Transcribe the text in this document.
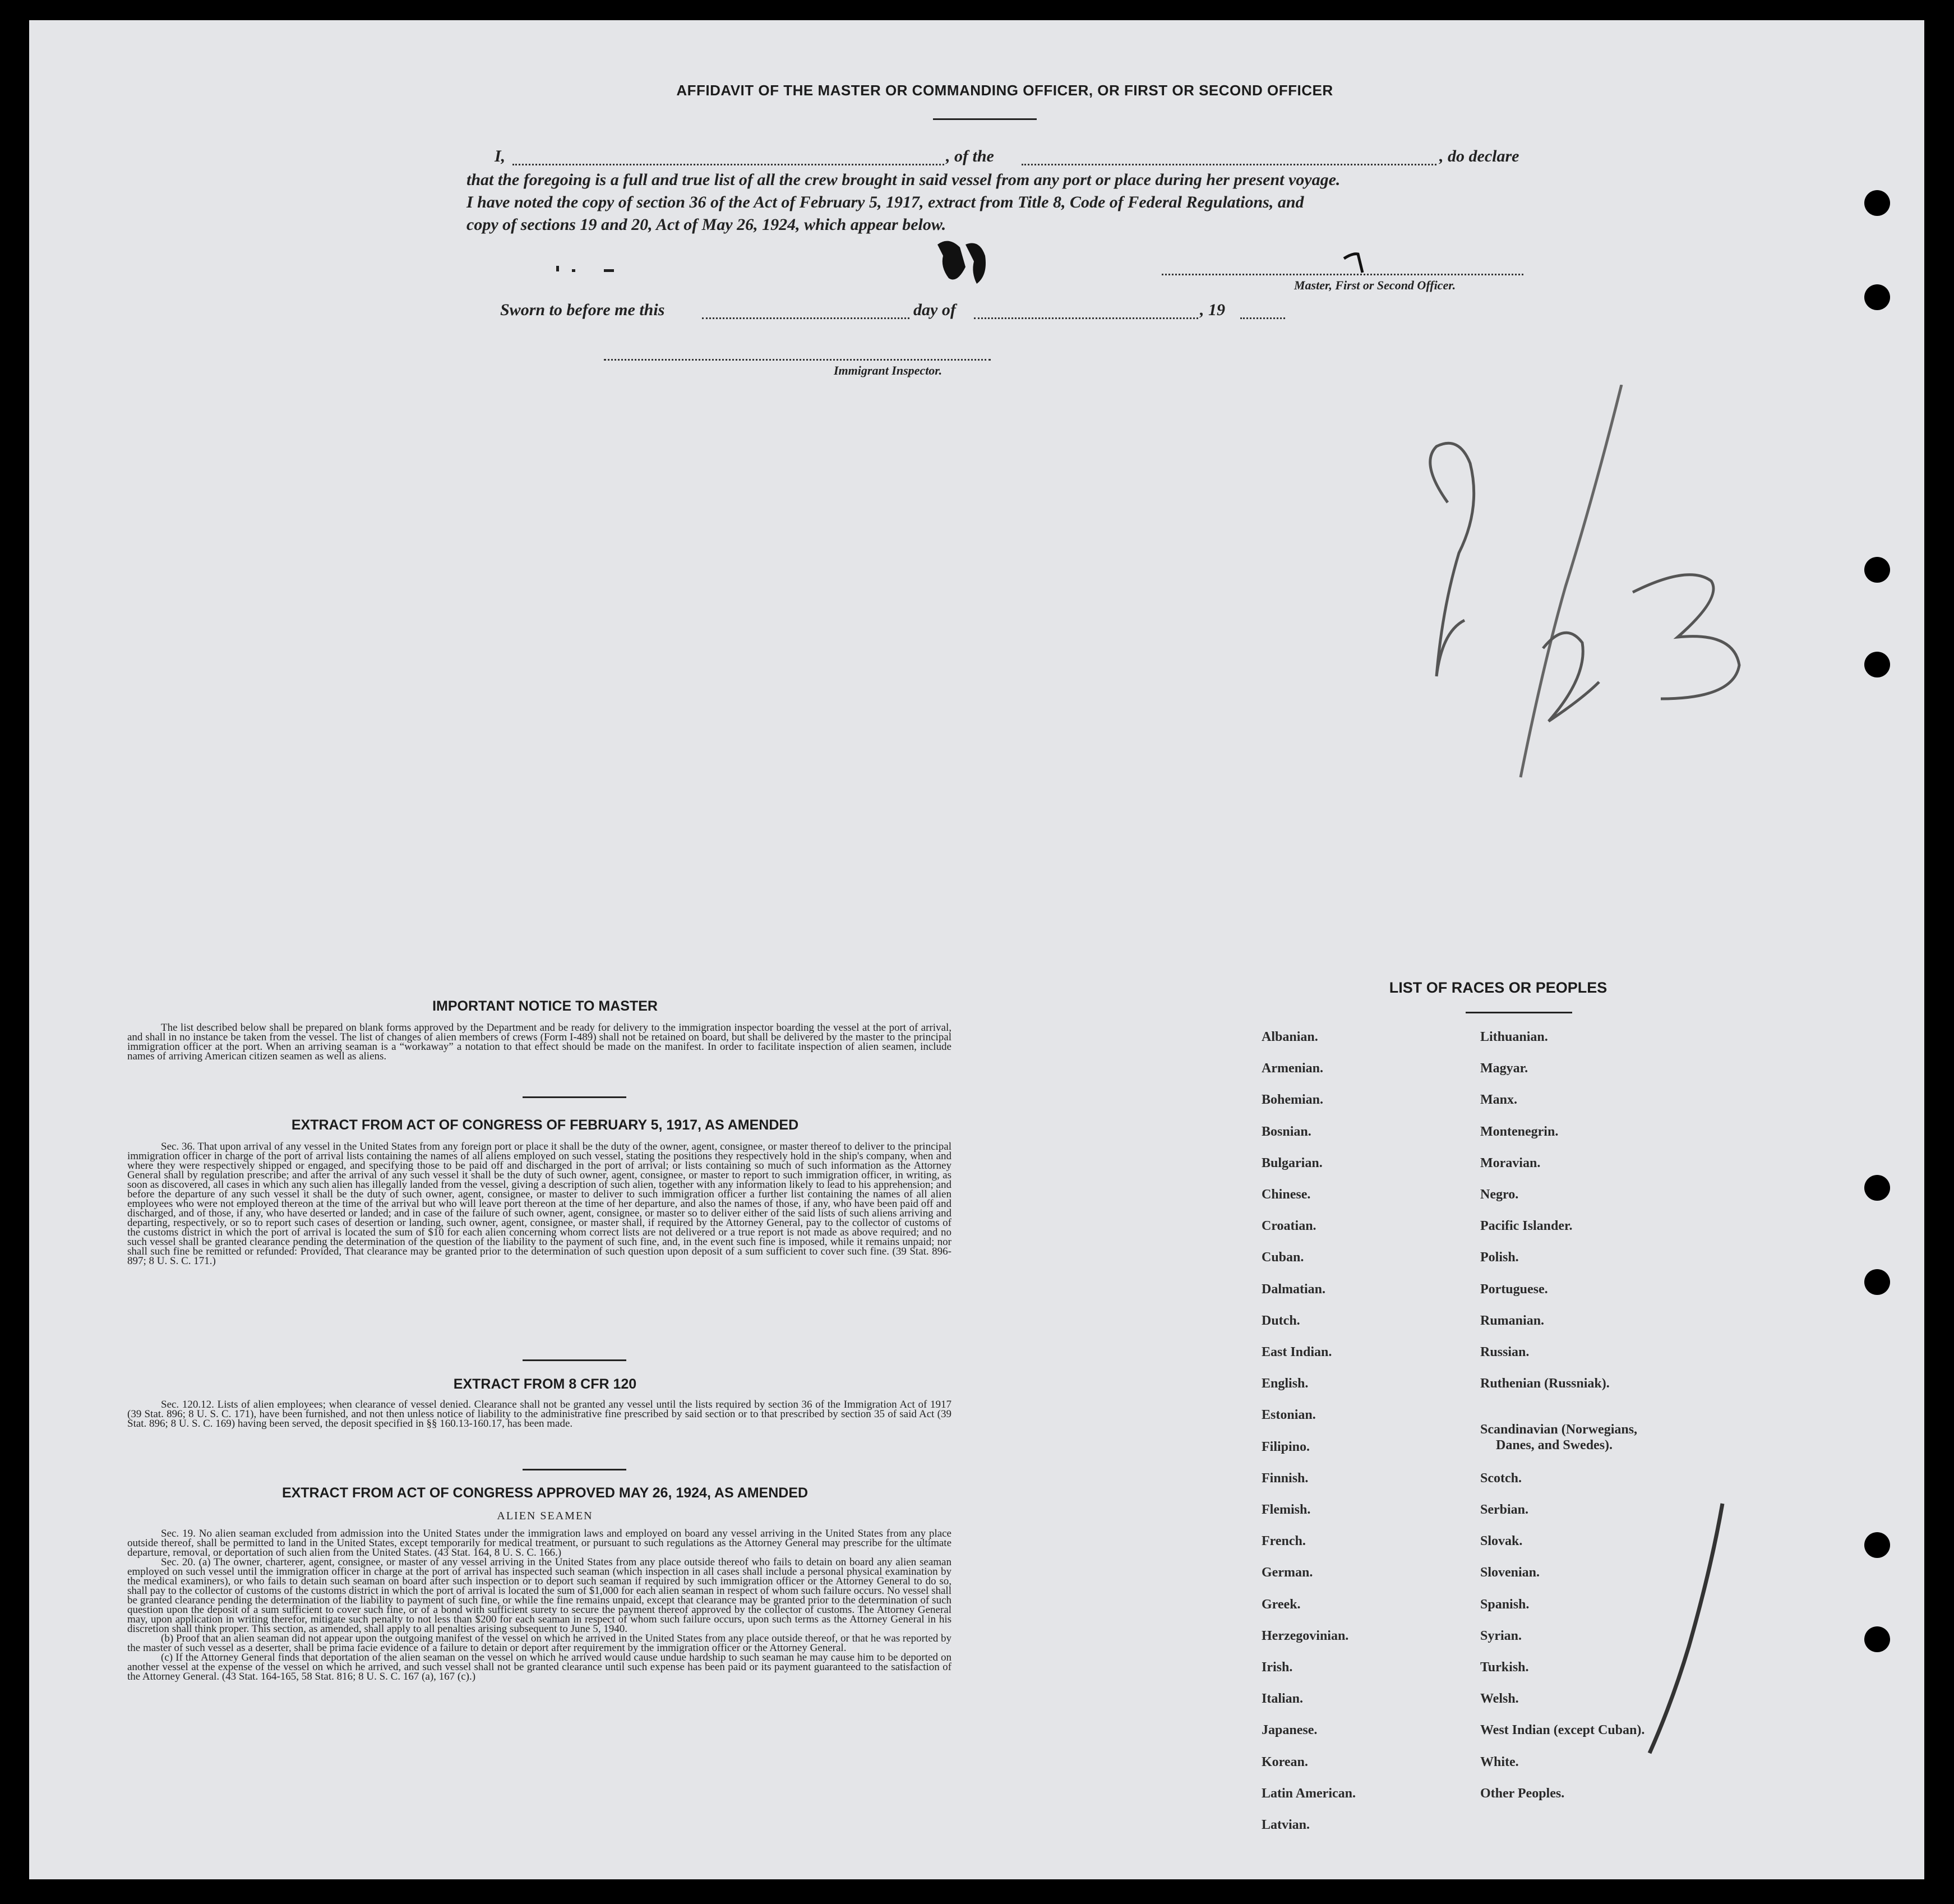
AFFIDAVIT OF THE MASTER OR COMMANDING OFFICER, OR FIRST OR SECOND OFFICER
I,	, of the	, do declare
that the foregoing is a full and true list of all the crew brought in said vessel from any port or place during her present voyage.
I have noted the copy of section 36 of the Act of February 5, 1917, extract from Title 8, Code of Federal Regulations, and
copy of sections 19 and 20, Act of May 26, 1924, which appear below.
Master, First or Second Officer.
Sworn to before me this	day of	, 19
Immigrant Inspector.
IMPORTANT NOTICE TO MASTER
The list described below shall be prepared on blank forms approved by the Department and be ready for delivery to the immigration inspector boarding the vessel at the port of arrival, and shall in no instance be taken from the vessel. The list of changes of alien members of crews (Form I-489) shall not be retained on board, but shall be delivered by the master to the principal immigration officer at the port. When an arriving seaman is a “workaway” a notation to that effect should be made on the manifest. In order to facilitate inspection of alien seamen, include names of arriving American citizen seamen as well as aliens.
EXTRACT FROM ACT OF CONGRESS OF FEBRUARY 5, 1917, AS AMENDED
Sec. 36. That upon arrival of any vessel in the United States from any foreign port or place it shall be the duty of the owner, agent, consignee, or master thereof to deliver to the principal immigration officer in charge of the port of arrival lists containing the names of all aliens employed on such vessel, stating the positions they respectively hold in the ship's company, when and where they were respectively shipped or engaged, and specifying those to be paid off and discharged in the port of arrival; or lists containing so much of such information as the Attorney General shall by regulation prescribe; and after the arrival of any such vessel it shall be the duty of such owner, agent, consignee, or master to report to such immigration officer, in writing, as soon as discovered, all cases in which any such alien has illegally landed from the vessel, giving a description of such alien, together with any information likely to lead to his apprehension; and before the departure of any such vessel it shall be the duty of such owner, agent, consignee, or master to deliver to such immigration officer a further list containing the names of all alien employees who were not employed thereon at the time of the arrival but who will leave port thereon at the time of her departure, and also the names of those, if any, who have been paid off and discharged, and of those, if any, who have deserted or landed; and in case of the failure of such owner, agent, consignee, or master so to deliver either of the said lists of such aliens arriving and departing, respectively, or so to report such cases of desertion or landing, such owner, agent, consignee, or master shall, if required by the Attorney General, pay to the collector of customs of the customs district in which the port of arrival is located the sum of $10 for each alien concerning whom correct lists are not delivered or a true report is not made as above required; and no such vessel shall be granted clearance pending the determination of the question of the liability to the payment of such fine, and, in the event such fine is imposed, while it remains unpaid; nor shall such fine be remitted or refunded: Provided, That clearance may be granted prior to the determination of such question upon deposit of a sum sufficient to cover such fine. (39 Stat. 896-897; 8 U. S. C. 171.)
EXTRACT FROM 8 CFR 120
Sec. 120.12. Lists of alien employees; when clearance of vessel denied. Clearance shall not be granted any vessel until the lists required by section 36 of the Immigration Act of 1917 (39 Stat. 896; 8 U. S. C. 171), have been furnished, and not then unless notice of liability to the administrative fine prescribed by said section or to that prescribed by section 35 of said Act (39 Stat. 896; 8 U. S. C. 169) having been served, the deposit specified in §§ 160.13-160.17, has been made.
EXTRACT FROM ACT OF CONGRESS APPROVED MAY 26, 1924, AS AMENDED
ALIEN SEAMEN
Sec. 19. No alien seaman excluded from admission into the United States under the immigration laws and employed on board any vessel arriving in the United States from any place outside thereof, shall be permitted to land in the United States, except temporarily for medical treatment, or pursuant to such regulations as the Attorney General may prescribe for the ultimate departure, removal, or deportation of such alien from the United States. (43 Stat. 164, 8 U. S. C. 166.)
Sec. 20. (a) The owner, charterer, agent, consignee, or master of any vessel arriving in the United States from any place outside thereof who fails to detain on board any alien seaman employed on such vessel until the immigration officer in charge at the port of arrival has inspected such seaman (which inspection in all cases shall include a personal physical examination by the medical examiners), or who fails to detain such seaman on board after such inspection or to deport such seaman if required by such immigration officer or the Attorney General to do so, shall pay to the collector of customs of the customs district in which the port of arrival is located the sum of $1,000 for each alien seaman in respect of whom such failure occurs. No vessel shall be granted clearance pending the determination of the liability to payment of such fine, or while the fine remains unpaid, except that clearance may be granted prior to the determination of such question upon the deposit of a sum sufficient to cover such fine, or of a bond with sufficient surety to secure the payment thereof approved by the collector of customs. The Attorney General may, upon application in writing therefor, mitigate such penalty to not less than $200 for each seaman in respect of whom such failure occurs, upon such terms as the Attorney General in his discretion shall think proper. This section, as amended, shall apply to all penalties arising subsequent to June 5, 1940.
(b) Proof that an alien seaman did not appear upon the outgoing manifest of the vessel on which he arrived in the United States from any place outside thereof, or that he was reported by the master of such vessel as a deserter, shall be prima facie evidence of a failure to detain or deport after requirement by the immigration officer or the Attorney General.
(c) If the Attorney General finds that deportation of the alien seaman on the vessel on which he arrived would cause undue hardship to such seaman he may cause him to be deported on another vessel at the expense of the vessel on which he arrived, and such vessel shall not be granted clearance until such expense has been paid or its payment guaranteed to the satisfaction of the Attorney General. (43 Stat. 164-165, 58 Stat. 816; 8 U. S. C. 167 (a), 167 (c).)
LIST OF RACES OR PEOPLES
Albanian.
Armenian.
Bohemian.
Bosnian.
Bulgarian.
Chinese.
Croatian.
Cuban.
Dalmatian.
Dutch.
East Indian.
English.
Estonian.
Filipino.
Finnish.
Flemish.
French.
German.
Greek.
Herzegovinian.
Irish.
Italian.
Japanese.
Korean.
Latin American.
Latvian.
Lithuanian.
Magyar.
Manx.
Montenegrin.
Moravian.
Negro.
Pacific Islander.
Polish.
Portuguese.
Rumanian.
Russian.
Ruthenian (Russniak).
Scandinavian (Norwegians,
Danes, and Swedes).
Scotch.
Serbian.
Slovak.
Slovenian.
Spanish.
Syrian.
Turkish.
Welsh.
West Indian (except Cuban).
White.
Other Peoples.
